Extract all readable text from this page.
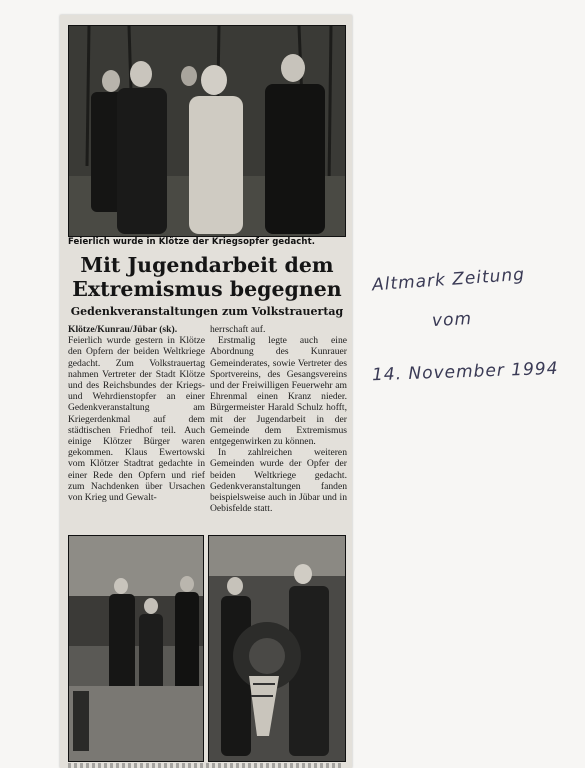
Feierlich wurde in Klötze der Kriegsopfer gedacht.
Mit Jugendarbeit dem Extremismus begegnen
Gedenkveranstaltungen zum Volkstrauertag

Klötze/Kunrau/Jübar (sk).

Feierlich wurde gestern in Klötze den Opfern der beiden Weltkriege gedacht. Zum Volkstrauertag nahmen Vertreter der Stadt Klötze und des Reichsbundes der Kriegs- und Wehrdienstopfer an einer Gedenkveranstaltung am Kriegerdenkmal auf dem städtischen Friedhof teil. Auch einige Klötzer Bürger waren gekommen. Klaus Ewertowski vom Klötzer Stadtrat gedachte in einer Rede den Opfern und rief zum Nachdenken über Ursachen von Krieg und Gewalt-

herrschaft auf.

Erstmalig legte auch eine Abordnung des Kunrauer Gemeinderates, sowie Vertreter des Sportvereins, des Gesangsvereins und der Freiwilligen Feuerwehr am Ehrenmal einen Kranz nieder. Bürgermeister Harald Schulz hofft, mit der Jugendarbeit in der Gemeinde dem Extremismus entgegenwirken zu können.

In zahlreichen weiteren Gemeinden wurde der Opfer der beiden Weltkriege gedacht. Gedenkveranstaltungen fanden beispielsweise auch in Jübar und in Oebisfelde statt.

Altmark Zeitung
vom
14. November 1994
